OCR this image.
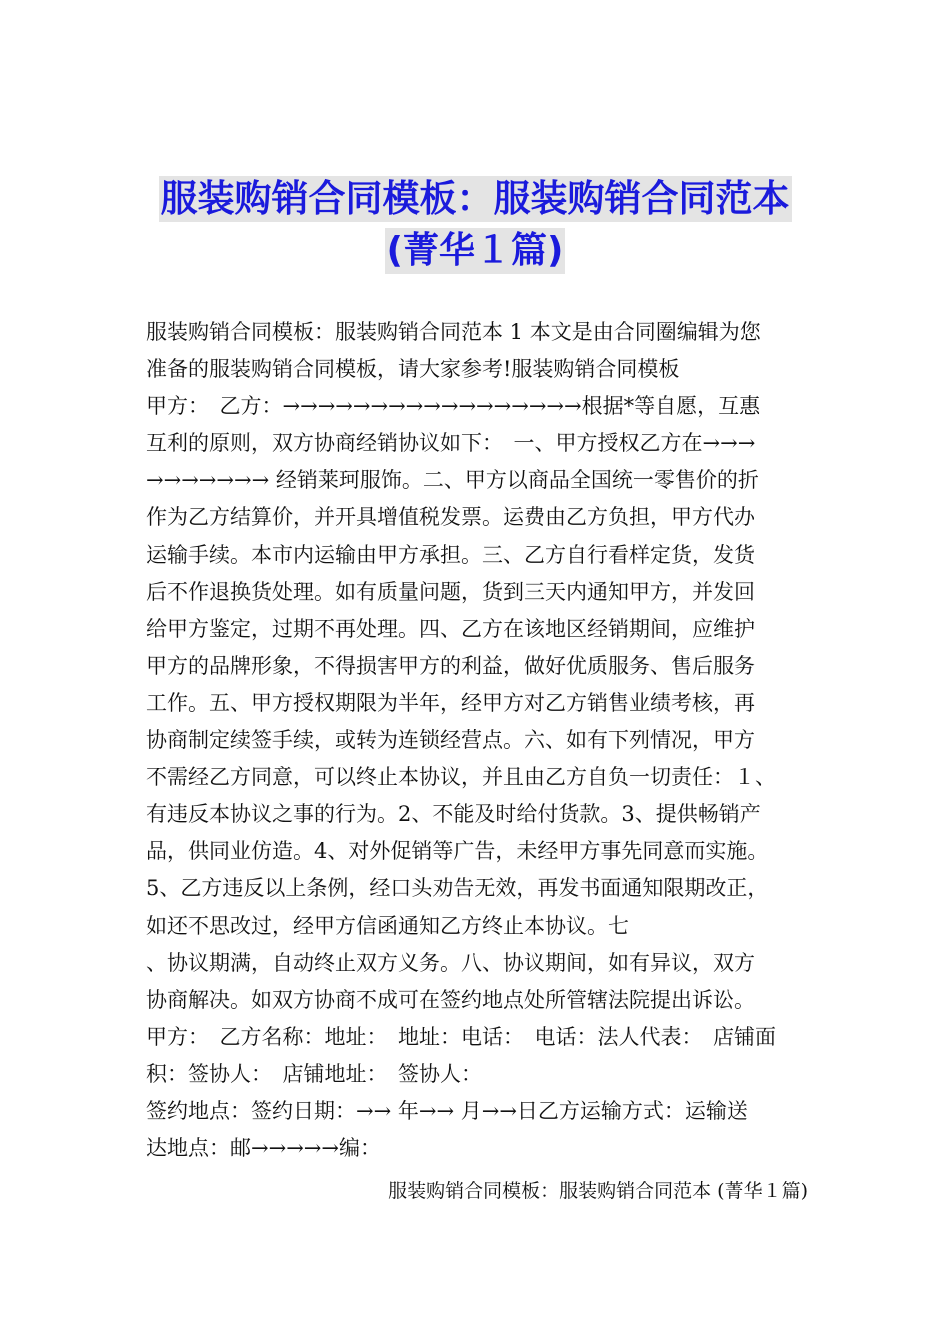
服装购销合同模板：服装购销合同范本
(菁华１篇)
服装购销合同模板：服装购销合同范本 1 本文是由合同圈编辑为您
准备的服装购销合同模板，请大家参考!服装购销合同模板
甲方：　乙方：→→→→→→→→→→→→→→→→→根据*等自愿，互惠
互利的原则，双方协商经销协议如下：　一、甲方授权乙方在→→→
→→→→→→→ 经销莱珂服饰。二、甲方以商品全国统一零售价的折
作为乙方结算价，并开具增值税发票。运费由乙方负担，甲方代办
运输手续。本市内运输由甲方承担。三、乙方自行看样定货，发货
后不作退换货处理。如有质量问题，货到三天内通知甲方，并发回
给甲方鉴定，过期不再处理。四、乙方在该地区经销期间，应维护
甲方的品牌形象，不得损害甲方的利益，做好优质服务、售后服务
工作。五、甲方授权期限为半年，经甲方对乙方销售业绩考核，再
协商制定续签手续，或转为连锁经营点。六、如有下列情况，甲方
不需经乙方同意，可以终止本协议，并且由乙方自负一切责任：１、
有违反本协议之事的行为。2、不能及时给付货款。3、提供畅销产
品，供同业仿造。4、对外促销等广告，未经甲方事先同意而实施。
5、乙方违反以上条例，经口头劝告无效，再发书面通知限期改正，
如还不思改过，经甲方信函通知乙方终止本协议。七
、协议期满，自动终止双方义务。八、协议期间，如有异议，双方
协商解决。如双方协商不成可在签约地点处所管辖法院提出诉讼。
甲方：　乙方名称：地址：　地址：电话：　电话：法人代表：　店铺面
积：签协人：　店铺地址：　签协人：
签约地点：签约日期：→→ 年→→ 月→→日乙方运输方式：运输送
达地点：邮→→→→→编：
服装购销合同模板：服装购销合同范本 (菁华１篇)
